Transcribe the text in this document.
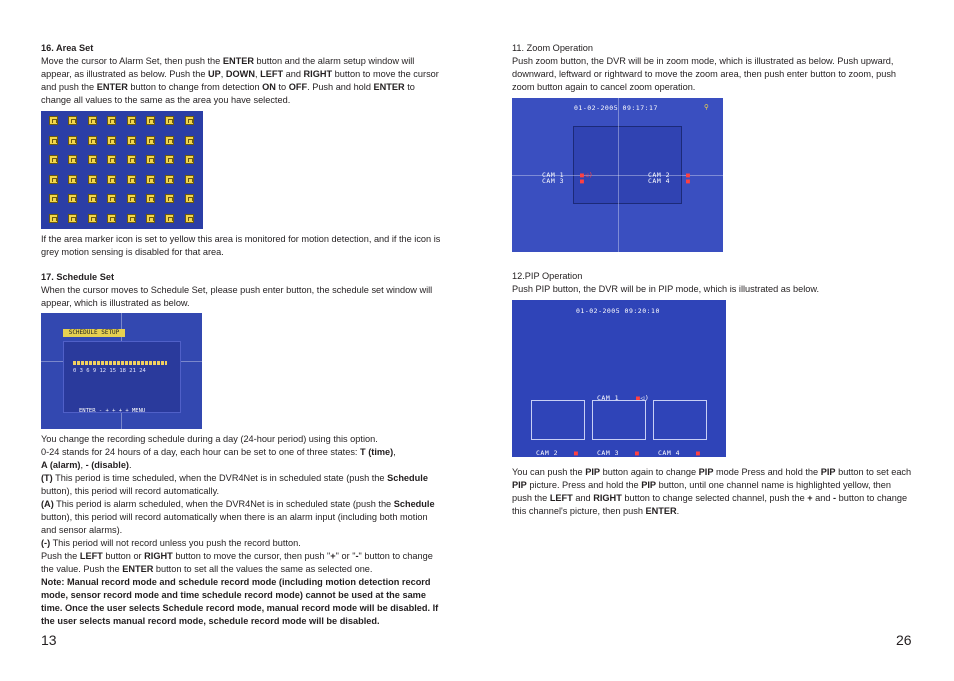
16. Area Set

Move the cursor to Alarm Set, then push the ENTER button and the alarm setup window will appear, as illustrated as below. Push the UP, DOWN, LEFT and RIGHT button to move the cursor and push the ENTER button to change from detection ON to OFF. Push and hold ENTER to change all values to the same as the area you have selected.

If the area marker icon is set to yellow this area is monitored for motion detection, and if the icon is grey motion sensing is disabled for that area.

17. Schedule Set

When the cursor moves to Schedule Set, please push enter button, the schedule set window will appear, which is illustrated as below.

SCHEDULE SETUP
0 3 6 9 12 15 18 21 24
ENTER - + + + + MENU

You change the recording schedule during a day (24-hour period) using this option.

0-24 stands for 24 hours of a day, each hour can be set to one of three states: T (time),

A (alarm), - (disable).

(T) This period is time scheduled, when the DVR4Net is in scheduled state (push the Schedule button), this period will record automatically.

(A) This period is alarm scheduled, when the DVR4Net is in scheduled state (push the Schedule button), this period will record automatically when there is an alarm input (including both motion and sensor alarms).

(-) This period will not record unless you push the record button.

Push the LEFT button or RIGHT button to move the cursor, then push "+" or "-" button to change the value. Push the ENTER button to set all the values the same as selected one.

Note: Manual record mode and schedule record mode (including motion detection record mode, sensor record mode and time schedule record mode) cannot be used at the same time. Once the user selects Schedule record mode, manual record mode will be disabled. If the user selects manual record mode, schedule record mode will be disabled.

13

11. Zoom Operation

Push zoom button, the DVR will be in zoom mode, which is illustrated as below. Push upward, downward, leftward or rightward to move the zoom area, then push enter button to zoom, push zoom button again to cancel zoom operation.

01-02-2005 09:17:17	⚲
CAM 1 ■◁)
CAM 3 ■
CAM 2 ■
CAM 4 ■

12.PIP Operation

Push PIP button, the DVR will be in PIP mode, which is illustrated as below.

01-02-2005 09:20:10
CAM 1	■◁)
CAM 2 ■	CAM 3 ■	CAM 4 ■

You can push the PIP button again to change PIP mode Press and hold the PIP button to set each PIP picture. Press and hold the PIP button, until one channel name is highlighted yellow, then push the LEFT and RIGHT button to change selected channel, push the + and - button to change this channel's picture, then push ENTER.

26
